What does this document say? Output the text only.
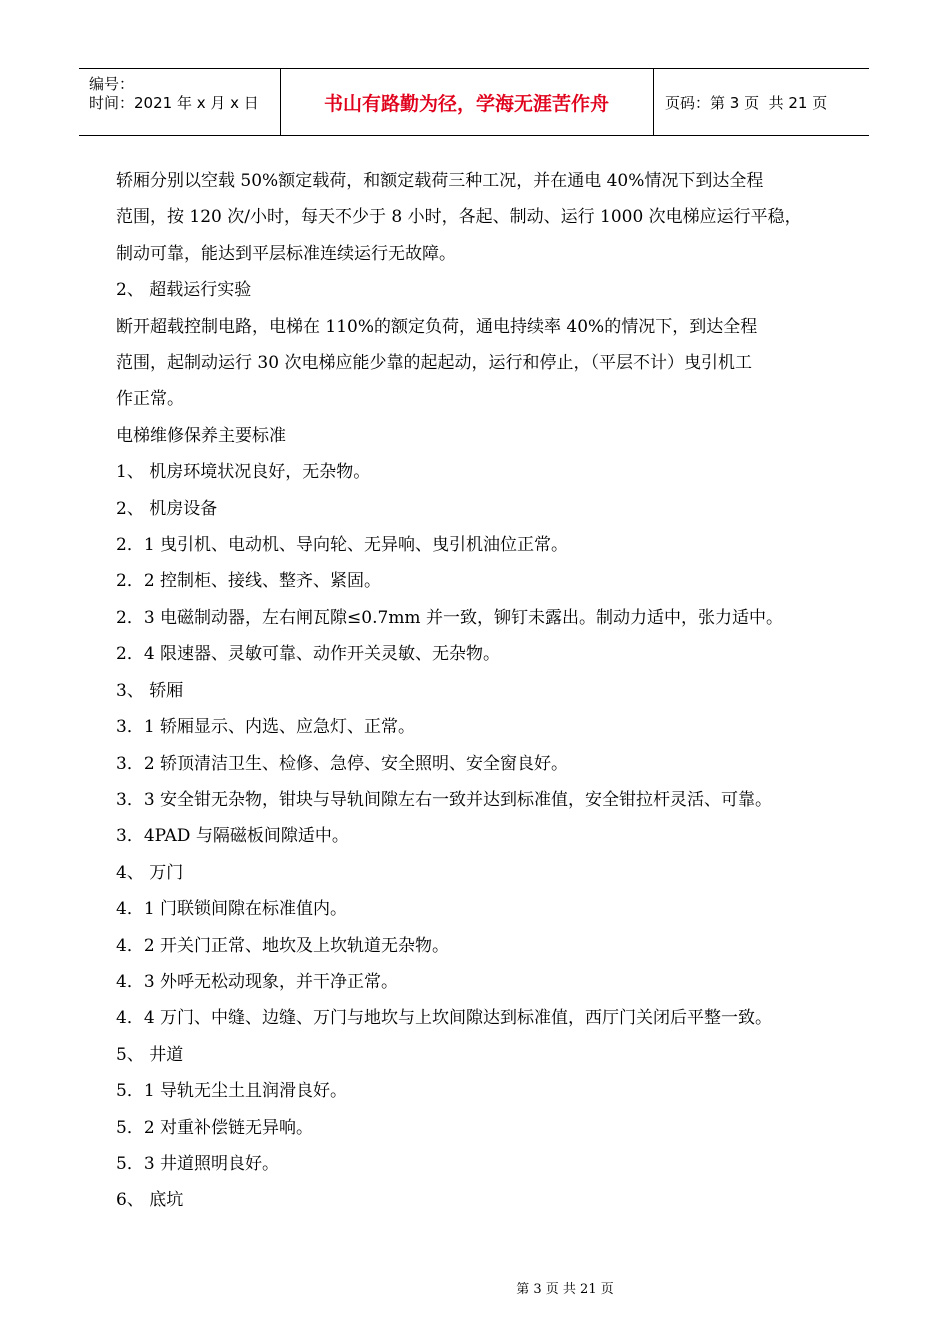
编号：
时间：2021 年 x 月 x 日	书山有路勤为径，学海无涯苦作舟	页码：第 3 页  共 21 页

轿厢分别以空载 50%额定载荷，和额定载荷三种工况，并在通电 40%情况下到达全程

范围，按 120 次/小时，每天不少于 8 小时，各起、制动、运行 1000 次电梯应运行平稳，

制动可靠，能达到平层标准连续运行无故障。

2、 超载运行实验

断开超载控制电路，电梯在 110%的额定负荷，通电持续率 40%的情况下，到达全程

范围，起制动运行 30 次电梯应能少靠的起起动，运行和停止，（平层不计）曳引机工

作正常。

电梯维修保养主要标准

1、 机房环境状况良好，无杂物。

2、 机房设备

2．1 曳引机、电动机、导向轮、无异响、曳引机油位正常。

2．2 控制柜、接线、整齐、紧固。

2．3 电磁制动器，左右闸瓦隙≤0.7mm 并一致，铆钉未露出。制动力适中，张力适中。

2．4 限速器、灵敏可靠、动作开关灵敏、无杂物。

3、 轿厢

3．1 轿厢显示、内选、应急灯、正常。

3．2 轿顶清洁卫生、检修、急停、安全照明、安全窗良好。

3．3 安全钳无杂物，钳块与导轨间隙左右一致并达到标准值，安全钳拉杆灵活、可靠。

3．4PAD 与隔磁板间隙适中。

4、 万门

4．1 门联锁间隙在标准值内。

4．2 开关门正常、地坎及上坎轨道无杂物。

4．3 外呼无松动现象，并干净正常。

4．4 万门、中缝、边缝、万门与地坎与上坎间隙达到标准值，西厅门关闭后平整一致。

5、 井道

5．1 导轨无尘土且润滑良好。

5．2 对重补偿链无异响。

5．3 井道照明良好。

6、 底坑

第 3 页 共 21 页
